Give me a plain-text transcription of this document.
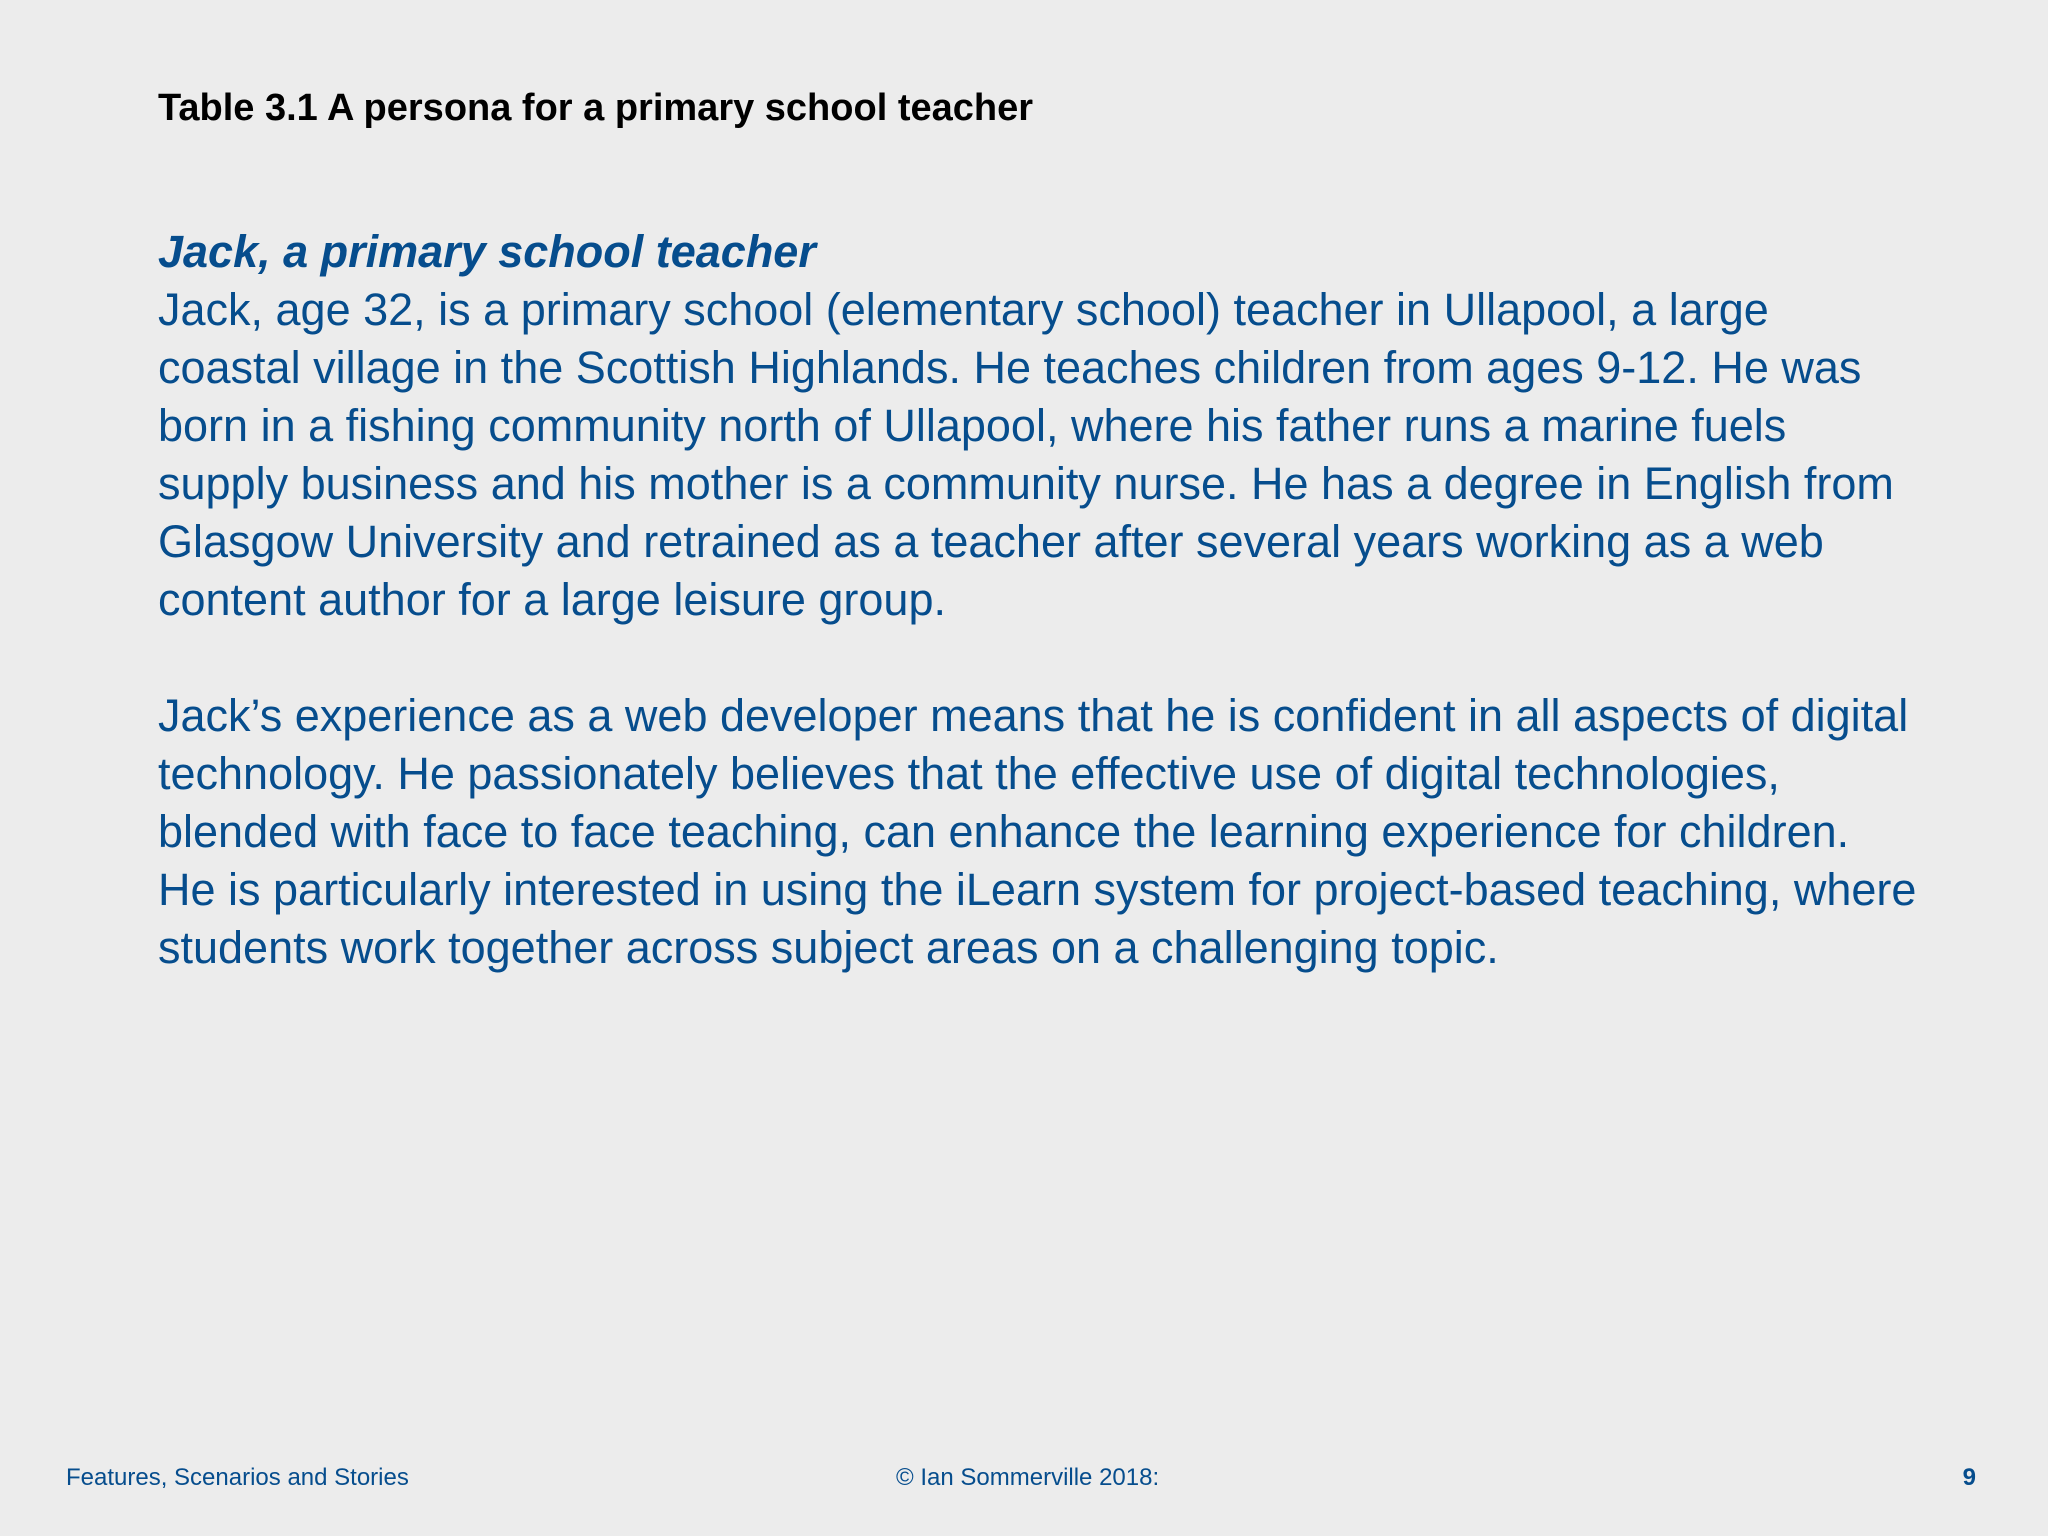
Table 3.1 A persona for a primary school teacher

Jack, a primary school teacher

Jack, age 32, is a primary school (elementary school) teacher in Ullapool, a large coastal village in the Scottish Highlands. He teaches children from ages 9-12. He was born in a fishing community north of Ullapool, where his father runs a marine fuels supply business and his mother is a community nurse. He has a degree in English from Glasgow University and retrained as a teacher after several years working as a web content author for a large leisure group.

Jack’s experience as a web developer means that he is confident in all aspects of digital technology. He passionately believes that the effective use of digital technologies, blended with face to face teaching, can enhance the learning experience for children. He is particularly interested in using the iLearn system for project-based teaching, where students work together across subject areas on a challenging topic.

Features, Scenarios and Stories	© Ian Sommerville 2018:	9
